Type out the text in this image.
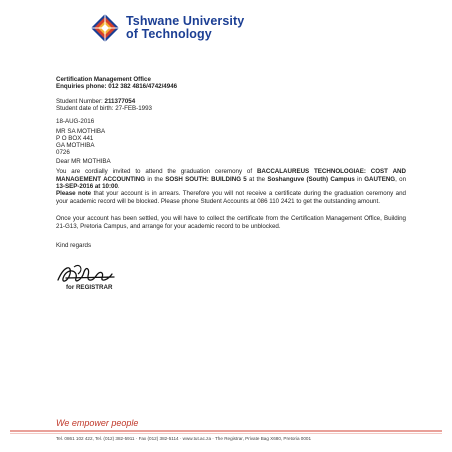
Tshwane University
of Technology
Certification Management Office
Enquiries phone: 012 382 4816/4742/4946
Student Number: 211377054
Student date of birth: 27-FEB-1993
18-AUG-2016
MR SA MOTHIBA
P O BOX 441
GA MOTHIBA
0726
Dear MR MOTHIBA
You are cordially invited to attend the graduation ceremony of BACCALAUREUS TECHNOLOGIAE: COST AND MANAGEMENT ACCOUNTING in the SOSH SOUTH: BUILDING 5 at the Soshanguve (South) Campus in GAUTENG, on 13-SEP-2016 at 10:00.
Please note that your account is in arrears. Therefore you will not receive a certificate during the graduation ceremony and your academic record will be blocked. Please phone Student Accounts at 086 110 2421 to get the outstanding amount.
Once your account has been settled, you will have to collect the certificate from the Certification Management Office, Building 21-G13, Pretoria Campus, and arrange for your academic record to be unblocked.
Kind regards
for REGISTRAR
We empower people
Tel. 0861 102 422, Tel. (012) 382-5911 · Fax (012) 382-5114 · www.tut.ac.za · The Registrar, Private Bag X680, Pretoria 0001
